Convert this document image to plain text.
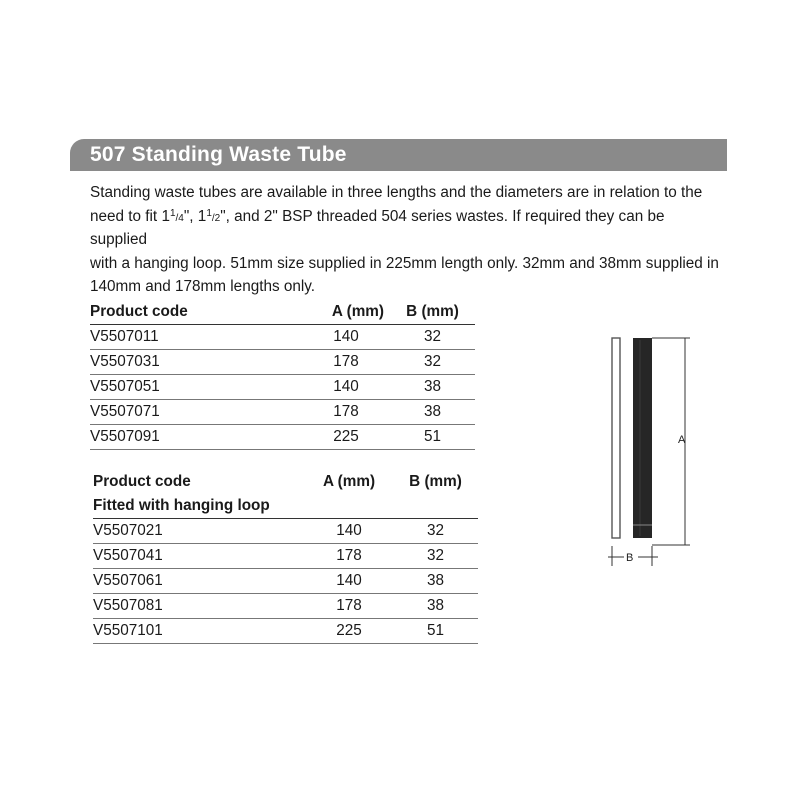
507 Standing Waste Tube
Standing waste tubes are available in three lengths and the diameters are in relation to the
need to fit $1^1/4$", $1^1/2$", and 2" BSP threaded 504 series wastes. If required they can be supplied
with a hanging loop. 51mm size supplied in 225mm length only. 32mm and 38mm supplied in
140mm and 178mm lengths only.
Product code	A (mm)	B (mm)
V5507011	140	32
V5507031	178	32
V5507051	140	38
V5507071	178	38
V5507091	225	51
Product code	A (mm)	B (mm)
Fitted with hanging loop		
V5507021	140	32
V5507041	178	32
V5507061	140	38
V5507081	178	38
V5507101	225	51
A
B
